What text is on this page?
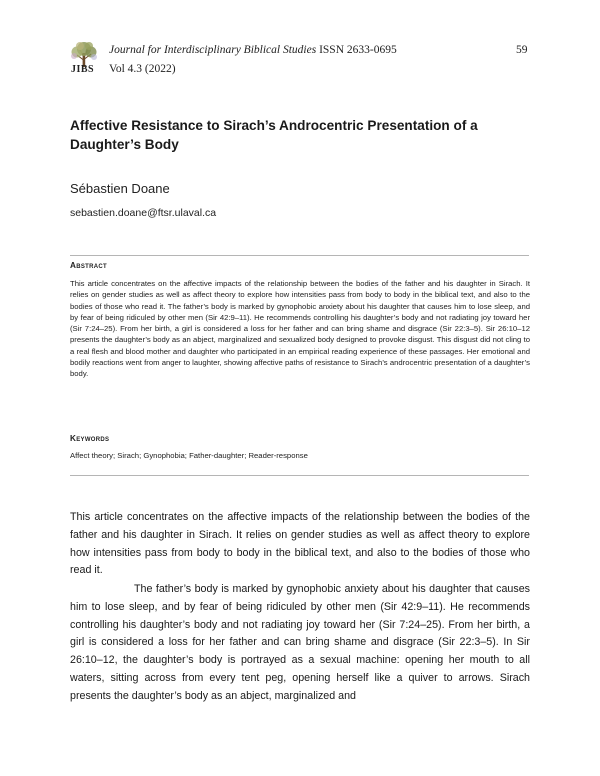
JIBS
Journal for Interdisciplinary Biblical Studies ISSN 2633-0695
Vol 4.3 (2022)
59
Affective Resistance to Sirach’s Androcentric Presentation of a Daughter’s Body
Sébastien Doane
sebastien.doane@ftsr.ulaval.ca
Abstract
This article concentrates on the affective impacts of the relationship between the bodies of the father and his daughter in Sirach. It relies on gender studies as well as affect theory to explore how intensities pass from body to body in the biblical text, and also to the bodies of those who read it. The father’s body is marked by gynophobic anxiety about his daughter that causes him to lose sleep, and by fear of being ridiculed by other men (Sir 42:9–11). He recommends controlling his daughter’s body and not radiating joy toward her (Sir 7:24–25). From her birth, a girl is considered a loss for her father and can bring shame and disgrace (Sir 22:3–5). Sir 26:10–12 presents the daughter’s body as an abject, marginalized and sexualized body designed to provoke disgust. This disgust did not cling to a real flesh and blood mother and daughter who participated in an empirical reading experience of these passages. Her emotional and bodily reactions went from anger to laughter, showing affective paths of resistance to Sirach’s androcentric presentation of a daughter’s body.
Keywords
Affect theory; Sirach; Gynophobia; Father-daughter; Reader-response
This article concentrates on the affective impacts of the relationship between the bodies of the father and his daughter in Sirach. It relies on gender studies as well as affect theory to explore how intensities pass from body to body in the biblical text, and also to the bodies of those who read it.
The father’s body is marked by gynophobic anxiety about his daughter that causes him to lose sleep, and by fear of being ridiculed by other men (Sir 42:9–11). He recommends controlling his daughter’s body and not radiating joy toward her (Sir 7:24–25). From her birth, a girl is considered a loss for her father and can bring shame and disgrace (Sir 22:3–5). In Sir 26:10–12, the daughter’s body is portrayed as a sexual machine: opening her mouth to all waters, sitting across from every tent peg, opening herself like a quiver to arrows. Sirach presents the daughter’s body as an abject, marginalized and
